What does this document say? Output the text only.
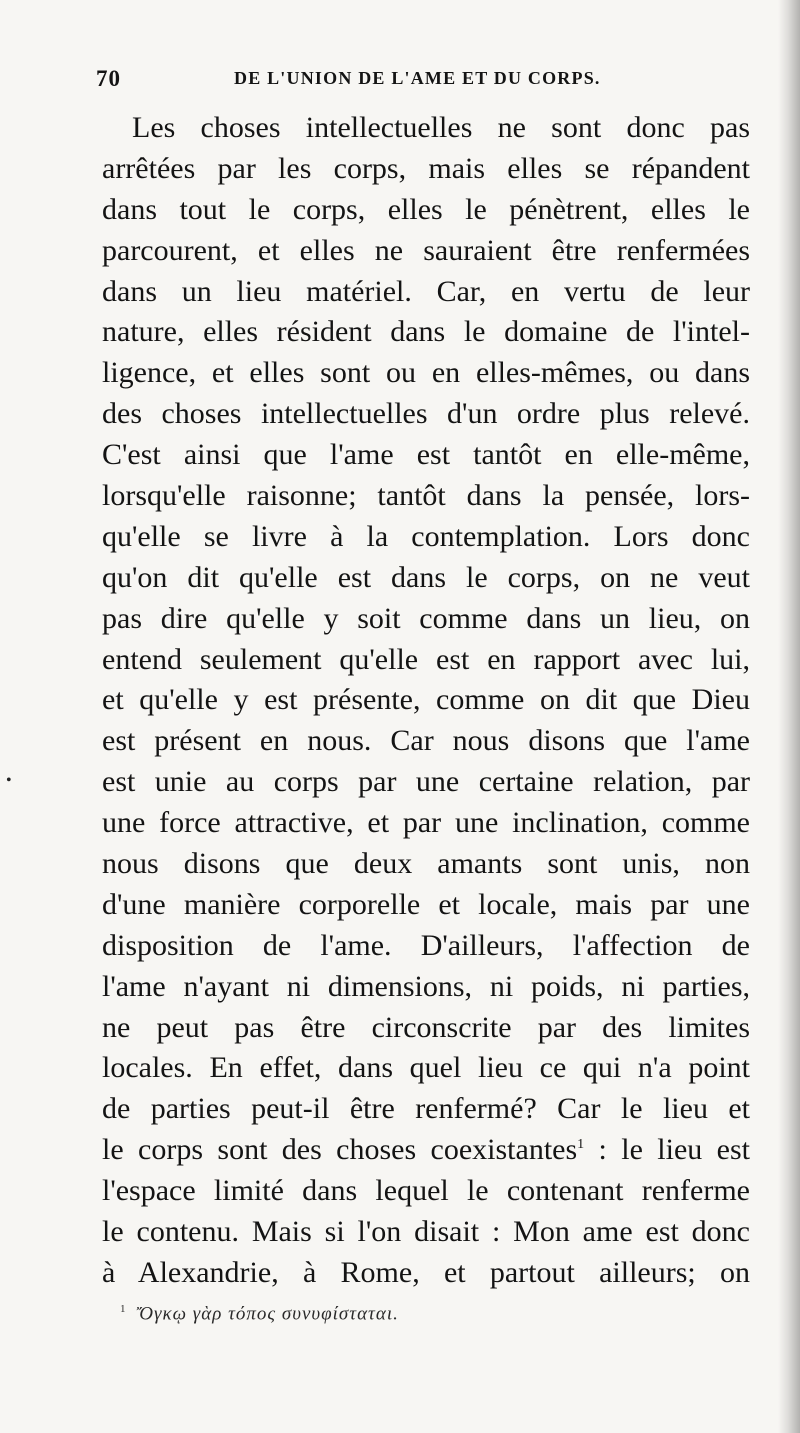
70	DE L'UNION DE L'AME ET DU CORPS.
Les choses intellectuelles ne sont donc pas
arrêtées par les corps, mais elles se répandent
dans tout le corps, elles le pénètrent, elles le
parcourent, et elles ne sauraient être renfermées
dans un lieu matériel. Car, en vertu de leur
nature, elles résident dans le domaine de l'intel-
ligence, et elles sont ou en elles-mêmes, ou dans
des choses intellectuelles d'un ordre plus relevé.
C'est ainsi que l'ame est tantôt en elle-même,
lorsqu'elle raisonne; tantôt dans la pensée, lors-
qu'elle se livre à la contemplation. Lors donc
qu'on dit qu'elle est dans le corps, on ne veut
pas dire qu'elle y soit comme dans un lieu, on
entend seulement qu'elle est en rapport avec lui,
et qu'elle y est présente, comme on dit que Dieu
est présent en nous. Car nous disons que l'ame
est unie au corps par une certaine relation, par
une force attractive, et par une inclination, comme
nous disons que deux amants sont unis, non
d'une manière corporelle et locale, mais par une
disposition de l'ame. D'ailleurs, l'affection de
l'ame n'ayant ni dimensions, ni poids, ni parties,
ne peut pas être circonscrite par des limites
locales. En effet, dans quel lieu ce qui n'a point
de parties peut-il être renfermé? Car le lieu et
le corps sont des choses coexistantes$^1$ : le lieu est
l'espace limité dans lequel le contenant renferme
le contenu. Mais si l'on disait : Mon ame est donc
à Alexandrie, à Rome, et partout ailleurs; on
$^1$ Ὄγκῳ γὰρ τόπος συνυφίσταται.
•
